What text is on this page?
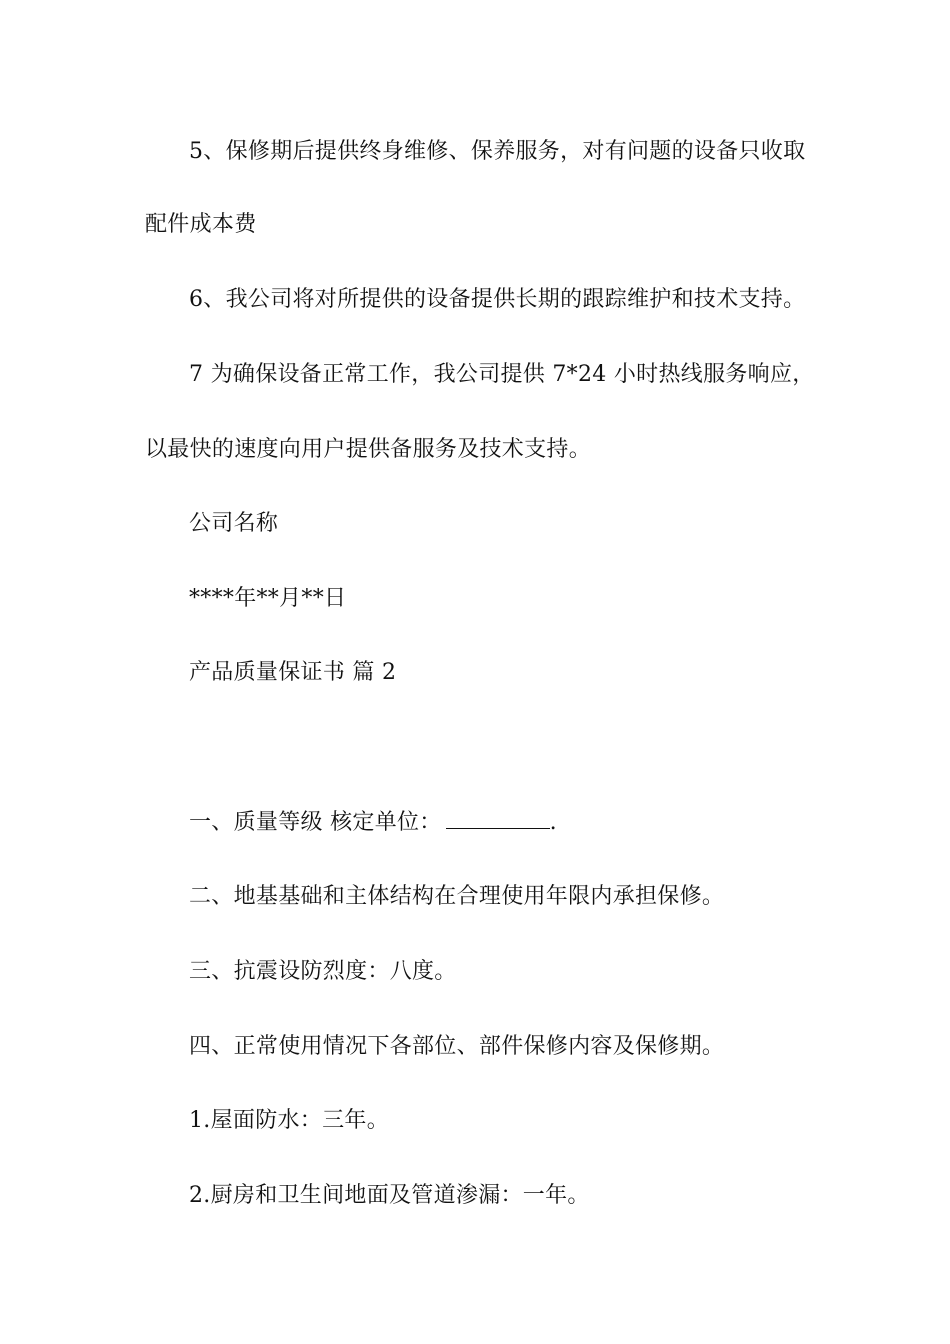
5、保修期后提供终身维修、保养服务，对有问题的设备只收取

配件成本费

6、我公司将对所提供的设备提供长期的跟踪维护和技术支持。

7 为确保设备正常工作，我公司提供 7*24 小时热线服务响应，

以最快的速度向用户提供备服务及技术支持。

公司名称

****年**月**日

产品质量保证书 篇 2

一、质量等级 核定单位：	.

二、地基基础和主体结构在合理使用年限内承担保修。

三、抗震设防烈度：八度。

四、正常使用情况下各部位、部件保修内容及保修期。

1.屋面防水：三年。

2.厨房和卫生间地面及管道渗漏：一年。
